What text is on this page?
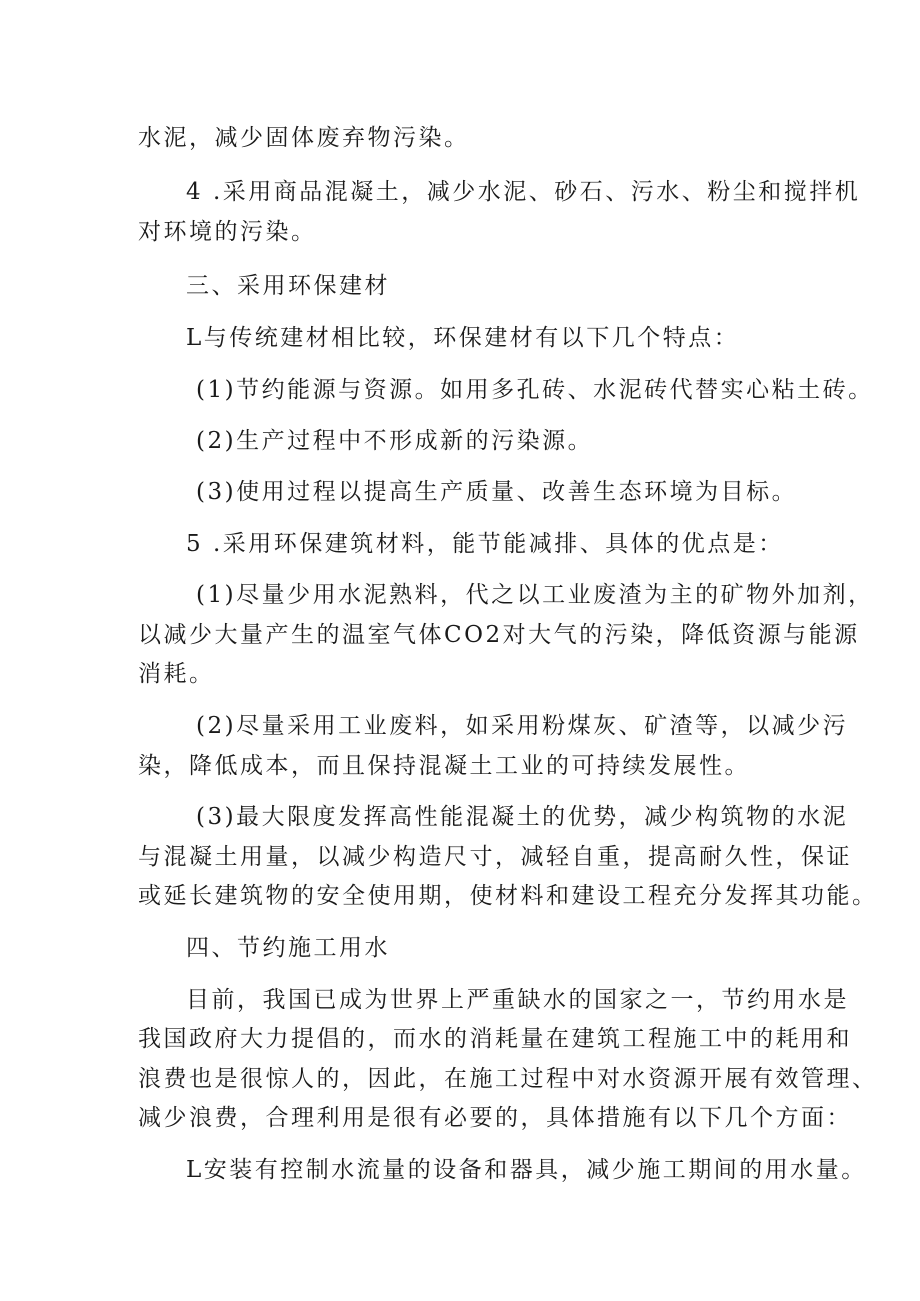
水泥，减少固体废弃物污染。

4 .采用商品混凝土，减少水泥、砂石、污水、粉尘和搅拌机

对环境的污染。

三、采用环保建材

L与传统建材相比较，环保建材有以下几个特点：

(1)节约能源与资源。如用多孔砖、水泥砖代替实心粘土砖。

(2)生产过程中不形成新的污染源。

(3)使用过程以提高生产质量、改善生态环境为目标。

5 .采用环保建筑材料，能节能减排、具体的优点是：

(1)尽量少用水泥熟料，代之以工业废渣为主的矿物外加剂，

以减少大量产生的温室气体CO2对大气的污染，降低资源与能源

消耗。

(2)尽量采用工业废料，如采用粉煤灰、矿渣等，以减少污

染，降低成本，而且保持混凝土工业的可持续发展性。

(3)最大限度发挥高性能混凝土的优势，减少构筑物的水泥

与混凝土用量，以减少构造尺寸，减轻自重，提高耐久性，保证

或延长建筑物的安全使用期，使材料和建设工程充分发挥其功能。

四、节约施工用水

目前，我国已成为世界上严重缺水的国家之一，节约用水是

我国政府大力提倡的，而水的消耗量在建筑工程施工中的耗用和

浪费也是很惊人的，因此，在施工过程中对水资源开展有效管理、

减少浪费，合理利用是很有必要的，具体措施有以下几个方面：

L安装有控制水流量的设备和器具，减少施工期间的用水量。
